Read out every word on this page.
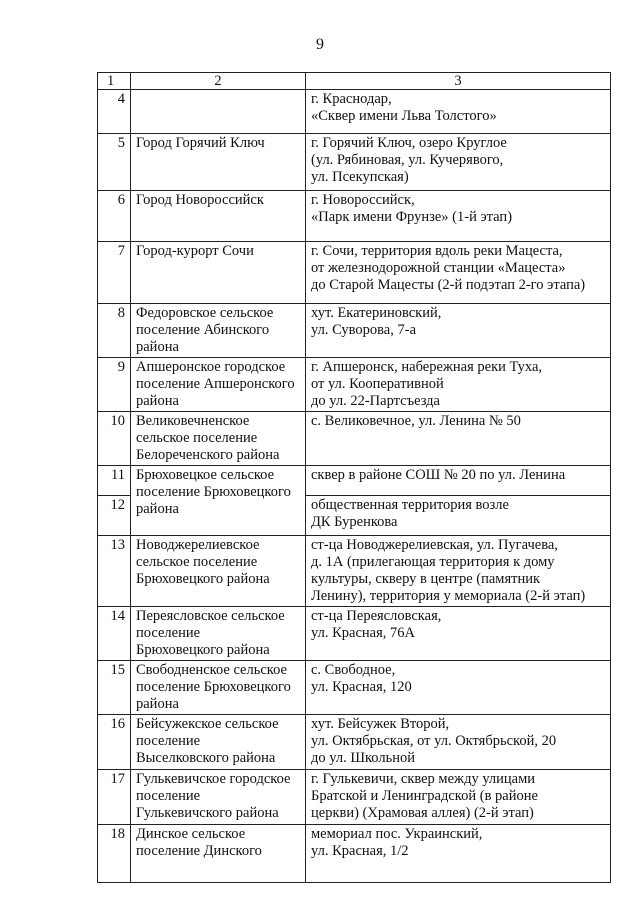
9
1	2	3
4		г. Краснодар,
«Сквер имени Льва Толстого»
5	Город Горячий Ключ	г. Горячий Ключ, озеро Круглое
(ул. Рябиновая, ул. Кучерявого,
ул. Псекупская)
6	Город Новороссийск	г. Новороссийск,
«Парк имени Фрунзе» (1-й этап)
7	Город-курорт Сочи	г. Сочи, территория вдоль реки Мацеста,
от железнодорожной станции «Мацеста»
до Старой Мацесты (2-й подэтап 2-го этапа)
8	Федоровское сельское
поселение Абинского
района	хут. Екатериновский,
ул. Суворова, 7-а
9	Апшеронское городское
поселение Апшеронского
района	г. Апшеронск, набережная реки Туха,
от ул. Кооперативной
до ул. 22-Партсъезда
10	Великовечненское
сельское поселение
Белореченского района	с. Великовечное, ул. Ленина № 50
11	Брюховецкое сельское
поселение Брюховецкого
района	сквер в районе СОШ № 20 по ул. Ленина
12		общественная территория возле
ДК Буренкова
13	Новоджерелиевское
сельское поселение
Брюховецкого района	ст-ца Новоджерелиевская, ул. Пугачева,
д. 1А (прилегающая территория к дому
культуры, скверу в центре (памятник
Ленину), территория у мемориала (2-й этап)
14	Переясловское сельское
поселение
Брюховецкого района	ст-ца Переясловская,
ул. Красная, 76А
15	Свободненское сельское
поселение Брюховецкого
района	с. Свободное,
ул. Красная, 120
16	Бейсужекское сельское
поселение
Выселковского района	хут. Бейсужек Второй,
ул. Октябрьская, от ул. Октябрьской, 20
до ул. Школьной
17	Гулькевичское городское
поселение
Гулькевичского района	г. Гулькевичи, сквер между улицами
Братской и Ленинградской (в районе
церкви) (Храмовая аллея) (2-й этап)
18	Динское сельское
поселение Динского	мемориал пос. Украинский,
ул. Красная, 1/2
